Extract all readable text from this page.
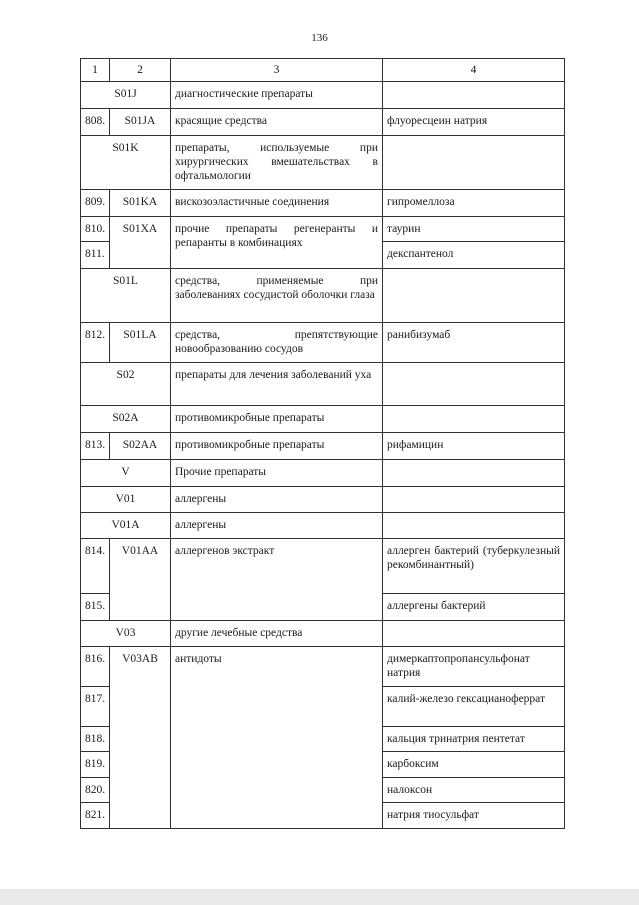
136
1	2	3	4
S01J		диагностические препараты	
808.	S01JA	красящие средства	флуоресцеин натрия
S01K		препараты, используемые при хирургических вмешательствах в офтальмологии	
809.	S01KA	вискозоэластичные соединения	гипромеллоза
810.	S01XA	прочие препараты регенеранты и репаранты в комбинациях	таурин
811.			декспантенол
S01L		средства, применяемые при заболеваниях сосудистой оболочки глаза	
812.	S01LA	средства, препятствующие новообразованию сосудов	ранибизумаб
S02		препараты для лечения заболеваний уха	
S02A		противомикробные препараты	
813.	S02AA	противомикробные препараты	рифамицин
V		Прочие препараты	
V01		аллергены	
V01A		аллергены	
814.	V01AA	аллергенов экстракт	аллерген бактерий (туберкулезный рекомбинантный)
815.			аллергены бактерий
V03		другие лечебные средства	
816.	V03AB	антидоты	димеркаптопропансульфонат натрия
817.			калий-железо гексацианоферрат
818.			кальция тринатрия пентетат
819.			карбоксим
820.			налоксон
821.			натрия тиосульфат
